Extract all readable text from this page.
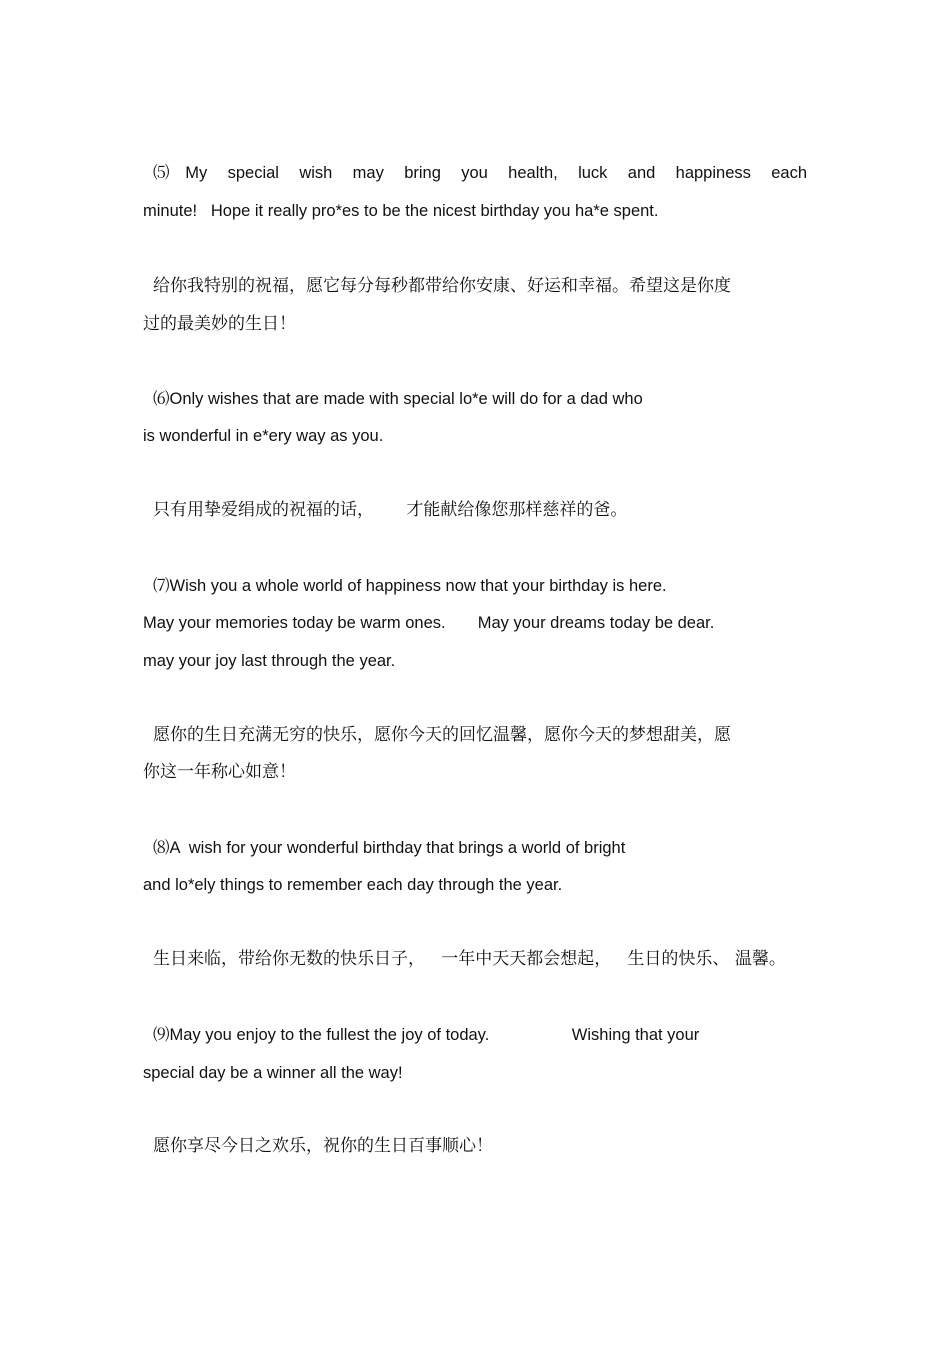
⑸My special wish may bring you health, luck and happiness each
minute!   Hope it really pro*es to be the nicest birthday you ha*e spent.
给你我特别的祝福，愿它每分每秒都带给你安康、好运和幸福。希望这是你度
过的最美妙的生日！
⑹Only wishes that are made with special lo*e will do for a dad who
is wonderful in e*ery way as you.
只有用挚爱绢成的祝福的话，      才能献给像您那样慈祥的爸。
⑺Wish you a whole world of happiness now that your birthday is here.
May your memories today be warm ones.       May your dreams today be dear.
may your joy last through the year.
愿你的生日充满无穷的快乐，愿你今天的回忆温馨，愿你今天的梦想甜美，愿
你这一年称心如意！
⑻A  wish for your wonderful birthday that brings a world of bright
and lo*ely things to remember each day through the year.
生日来临，带给你无数的快乐日子，   一年中天天都会想起，   生日的快乐、 温馨。
⑼May you enjoy to the fullest the joy of today.                  Wishing that your
special day be a winner all the way!
愿你享尽今日之欢乐，祝你的生日百事顺心！
